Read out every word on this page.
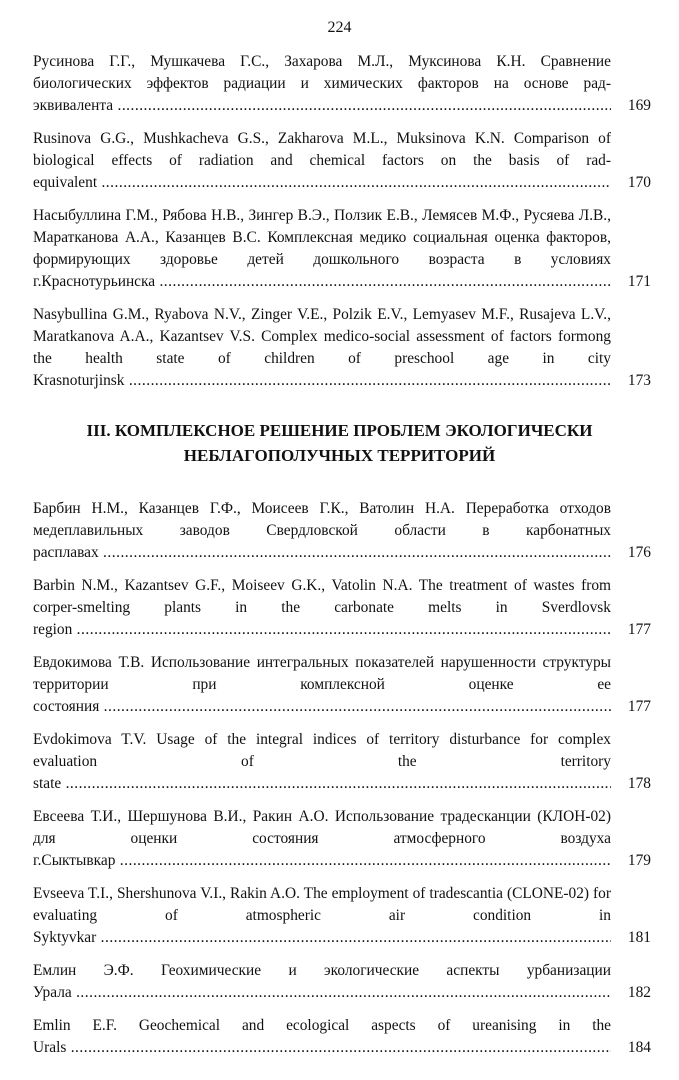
224
Русинова Г.Г., Мушкачева Г.С., Захарова М.Л., Муксинова К.Н. Сравнение биологических эффектов радиации и химических факторов на основе рад-эквивалента .....	169
Rusinova G.G., Mushkacheva G.S., Zakharova M.L., Muksinova K.N. Comparison of biological effects of radiation and chemical factors on the basis of rad-equivalent .....	170
Насыбуллина Г.М., Рябова Н.В., Зингер В.Э., Ползик Е.В., Лемясев М.Ф., Русяева Л.В., Маратканова А.А., Казанцев В.С. Комплексная медико социальная оценка факторов, формирующих здоровье детей дошкольного возраста в условиях г.Краснотурьинска .....	171
Nasybullina G.M., Ryabova N.V., Zinger V.E., Polzik E.V., Lemyasev M.F., Rusajeva L.V., Maratkanova A.A., Kazantsev V.S. Complex medico-social assessment of factors formong the health state of children of preschool age in city Krasnoturjinsk .....	173
III. КОМПЛЕКСНОЕ РЕШЕНИЕ ПРОБЛЕМ ЭКОЛОГИЧЕСКИ
НЕБЛАГОПОЛУЧНЫХ ТЕРРИТОРИЙ
Барбин Н.М., Казанцев Г.Ф., Моисеев Г.К., Ватолин Н.А. Переработка отходов медеплавильных заводов Свердловской области в карбонатных расплавах .....	176
Barbin N.M., Kazantsev G.F., Moiseev G.K., Vatolin N.A. The treatment of wastes from corper-smelting plants in the carbonate melts in Sverdlovsk region .....	177
Евдокимова Т.В. Использование интегральных показателей нарушенности структуры территории при комплексной оценке ее состояния .....	177
Evdokimova T.V. Usage of the integral indices of territory disturbance for complex evaluation of the territory state .....	178
Евсеева Т.И., Шершунова В.И., Ракин А.О. Использование традесканции (КЛОН-02) для оценки состояния атмосферного воздуха г.Сыктывкар .....	179
Evseeva T.I., Shershunova V.I., Rakin A.O. The employment of tradescantia (CLONE-02) for evaluating of atmospheric air condition in Syktyvkar .....	181
Емлин Э.Ф. Геохимические и экологические аспекты урбанизации Урала .....	182
Emlin E.F. Geochemical and ecological aspects of ureanising in the Urals .....	184
